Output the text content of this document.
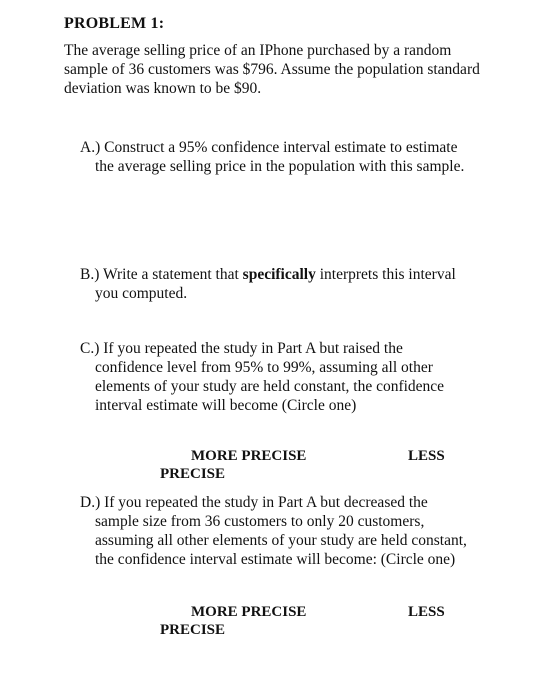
PROBLEM 1:
The average selling price of an IPhone purchased by a random sample of 36 customers was $796. Assume the population standard deviation was known to be $90.
A.) Construct a 95% confidence interval estimate to estimate
the average selling price in the population with this sample.
B.) Write a statement that specifically interprets this interval
you computed.
C.) If you repeated the study in Part A but raised the
confidence level from 95% to 99%, assuming all other
elements of your study are held constant, the confidence
interval estimate will become (Circle one)
MORE PRECISE	LESS
PRECISE
D.) If you repeated the study in Part A but decreased the
sample size from 36 customers to only 20 customers,
assuming all other elements of your study are held constant,
the confidence interval estimate will become: (Circle one)
MORE PRECISE	LESS
PRECISE
